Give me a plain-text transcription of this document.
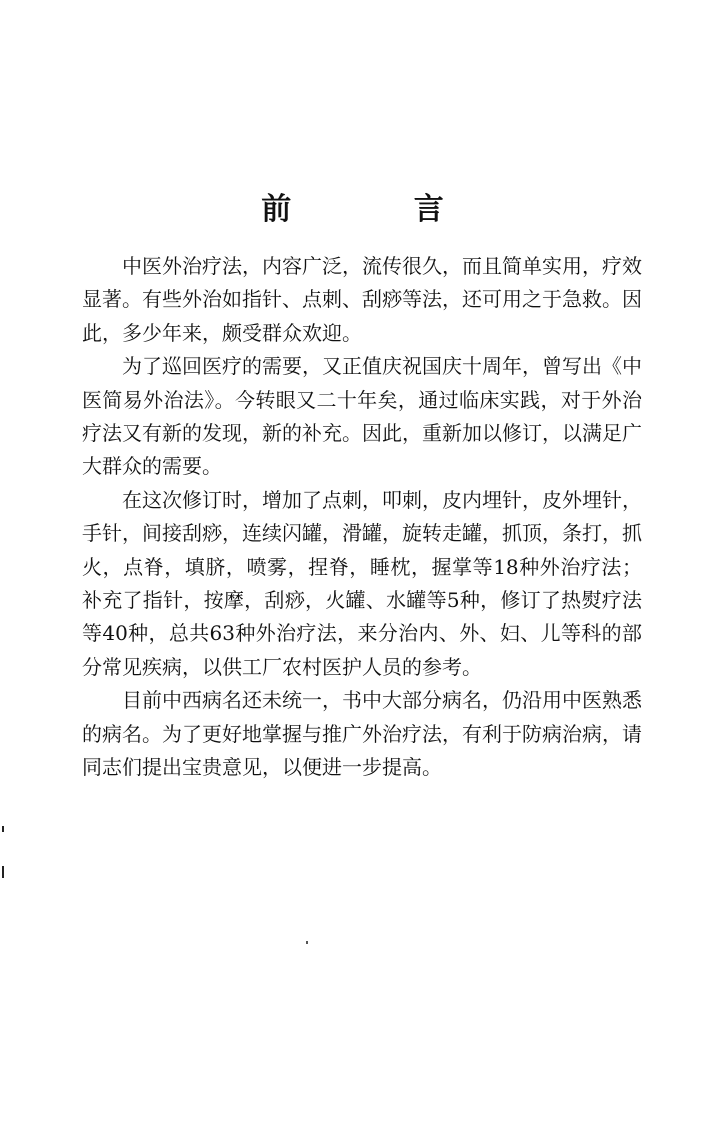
前 言

中医外治疗法，内容广泛，流传很久，而且简单实用，疗效显著。有些外治如指针、点刺、刮痧等法，还可用之于急救。因此，多少年来，颇受群众欢迎。

为了巡回医疗的需要，又正值庆祝国庆十周年，曾写出《中医简易外治法》。今转眼又二十年矣，通过临床实践，对于外治疗法又有新的发现，新的补充。因此，重新加以修订，以满足广大群众的需要。

在这次修订时，增加了点刺，叩刺，皮内埋针，皮外埋针，手针，间接刮痧，连续闪罐，滑罐，旋转走罐，抓顶，条打，抓火，点脊，填脐，喷雾，捏脊，睡枕，握掌等18种外治疗法；补充了指针，按摩，刮痧，火罐、水罐等5种，修订了热熨疗法等40种，总共63种外治疗法，来分治内、外、妇、儿等科的部分常见疾病，以供工厂农村医护人员的参考。

目前中西病名还未统一，书中大部分病名，仍沿用中医熟悉的病名。为了更好地掌握与推广外治疗法，有利于防病治病，请同志们提出宝贵意见，以便进一步提高。
